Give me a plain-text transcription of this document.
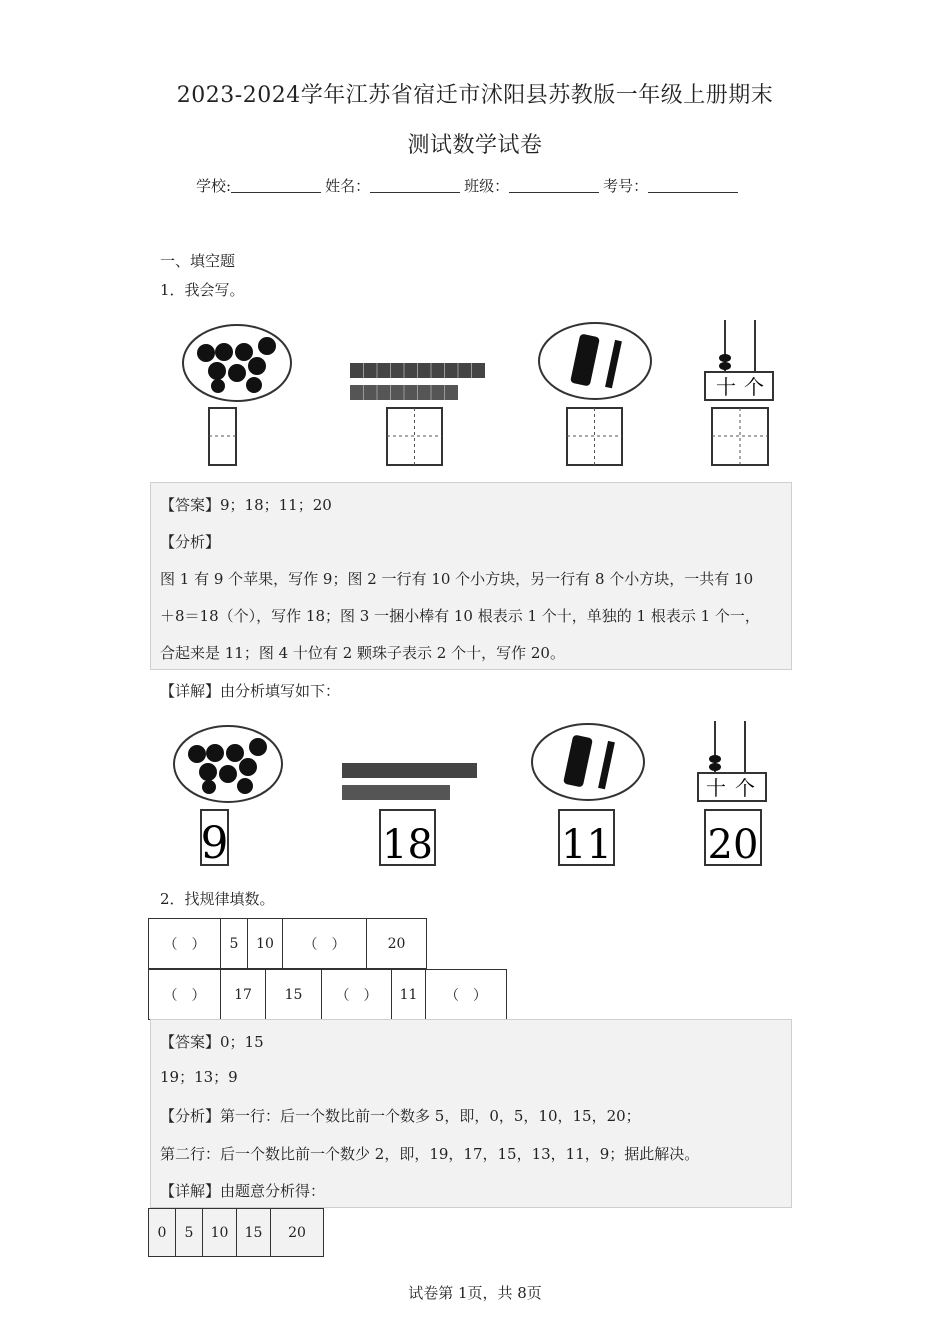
2023-2024学年江苏省宿迁市沭阳县苏教版一年级上册期末
测试数学试卷
学校:	姓名：	班级：	考号：
一、填空题
1．我会写。
十 个
【答案】9；18；11；20
【分析】
图 1 有 9 个苹果，写作 9；图 2 一行有 10 个小方块，另一行有 8 个小方块，一共有 10
＋8＝18（个），写作 18；图 3 一捆小棒有 10 根表示 1 个十，单独的 1 根表示 1 个一，
合起来是 11；图 4 十位有 2 颗珠子表示 2 个十，写作 20。
【详解】由分析填写如下：
9	18	11
十 个
20
2．找规律填数。
（　）	5	10	（　）	20
（　）	17	15	（　）	11	（　）
【答案】0；15
19；13；9
【分析】第一行：后一个数比前一个数多 5，即，0，5，10，15，20；
第二行：后一个数比前一个数少 2，即，19，17，15，13，11，9；据此解决。
【详解】由题意分析得：
0	5	10	15	20
试卷第 1页，共 8页
